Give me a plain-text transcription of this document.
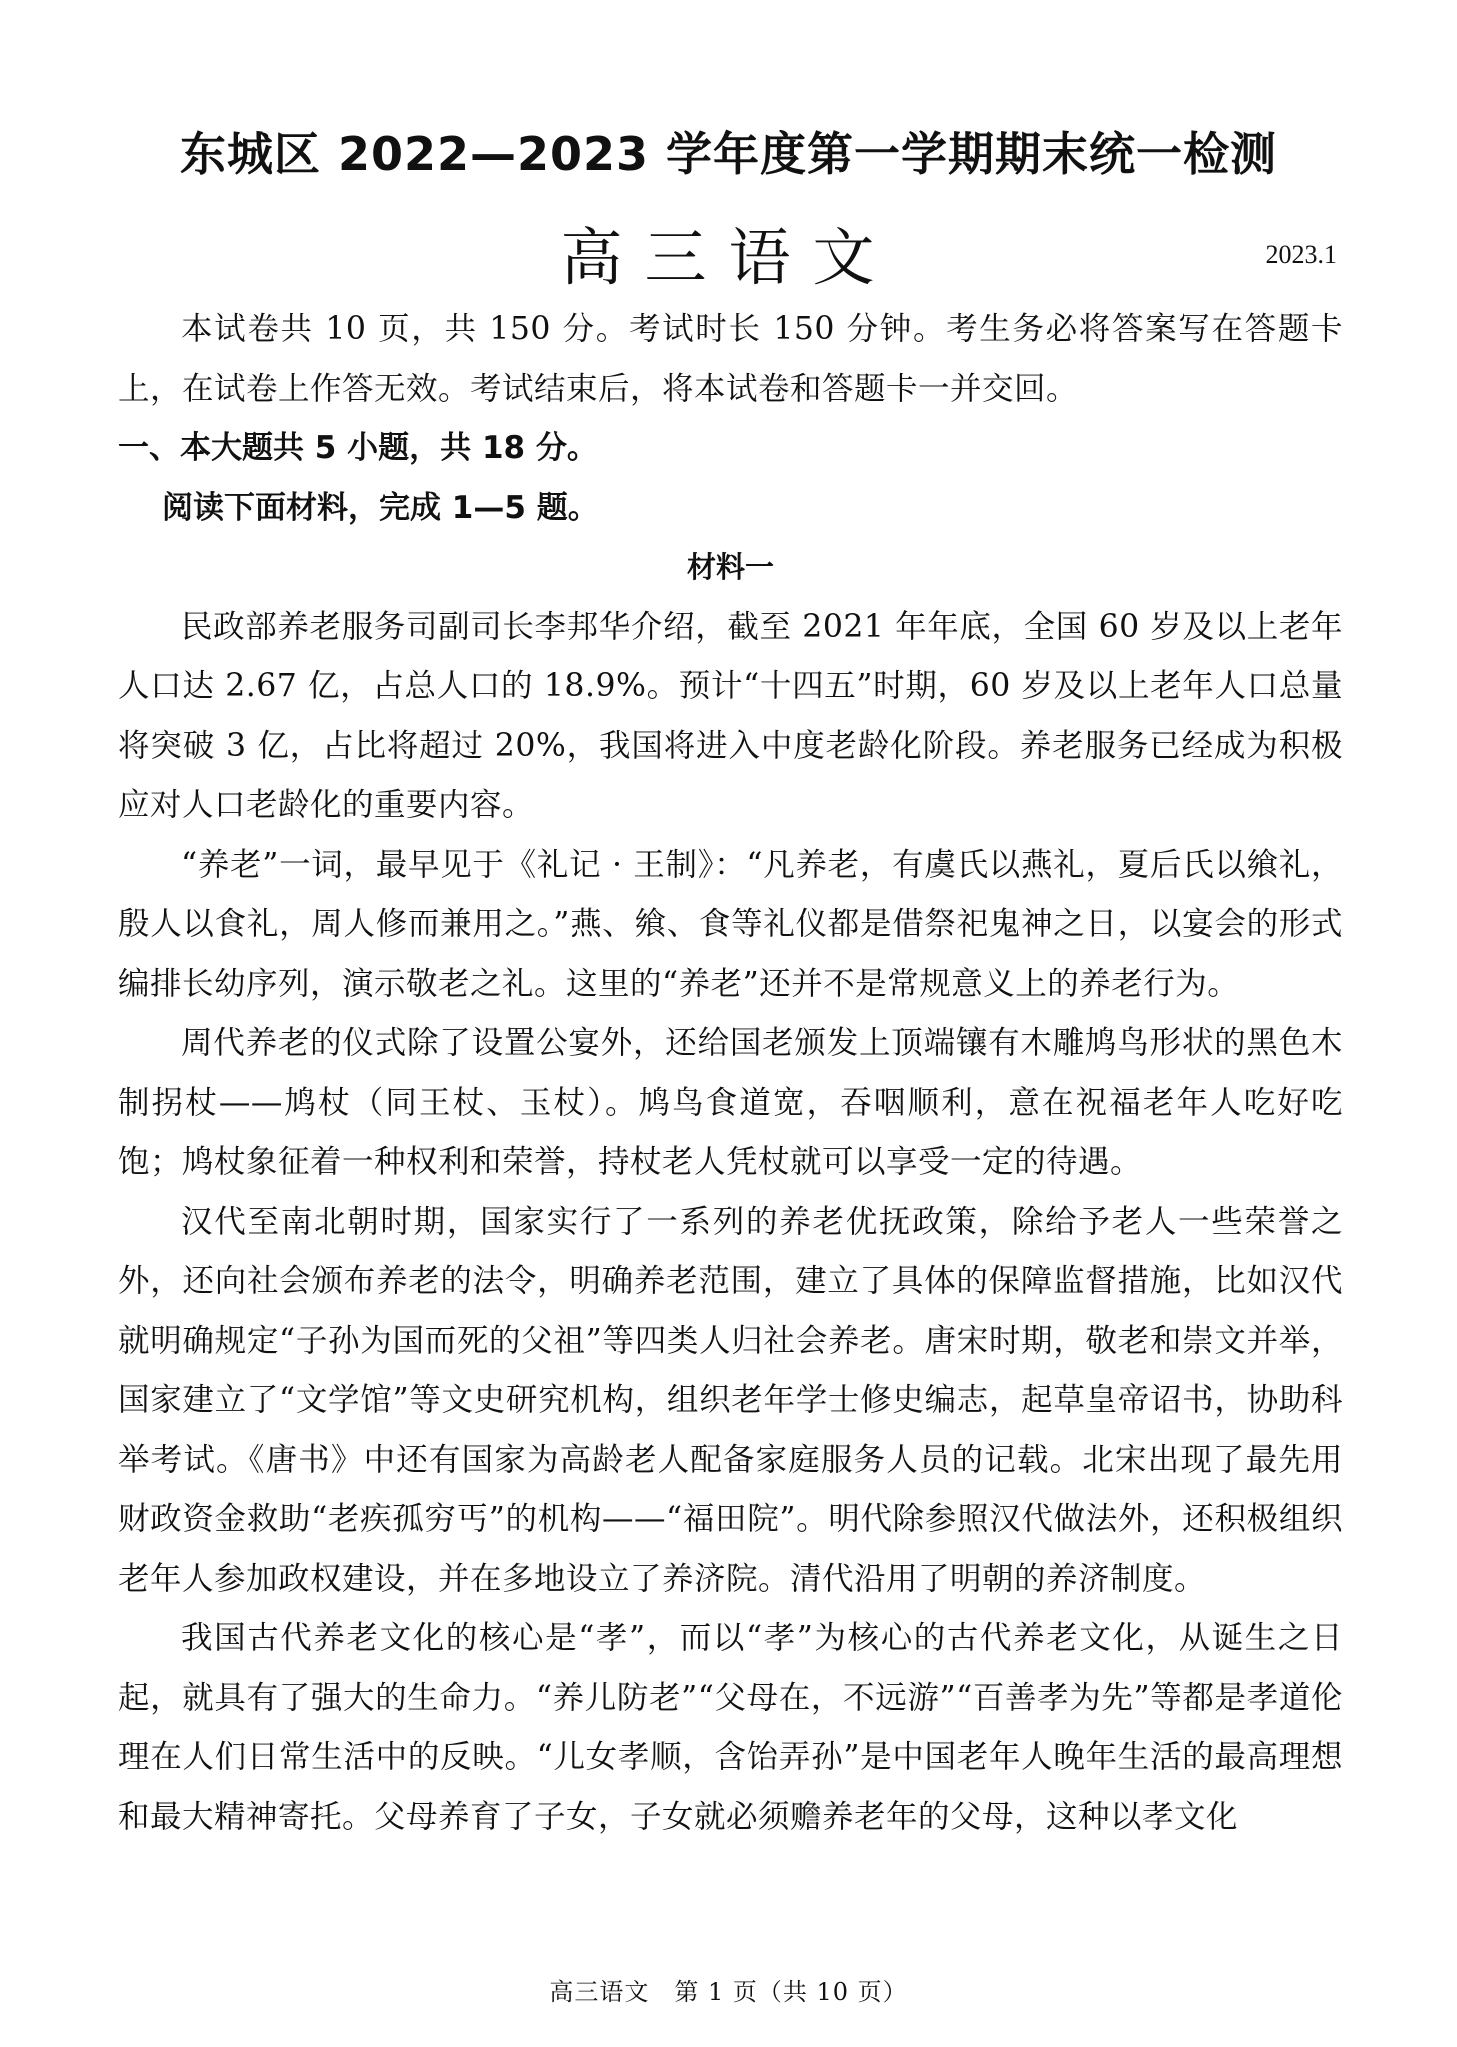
东城区 2022—2023 学年度第一学期期末统一检测
高三语文	2023.1

本试卷共 10 页，共 150 分。考试时长 150 分钟。考生务必将答案写在答题卡上，在试卷上作答无效。考试结束后，将本试卷和答题卡一并交回。

一、本大题共 5 小题，共 18 分。

阅读下面材料，完成 1—5 题。

材料一

民政部养老服务司副司长李邦华介绍，截至 2021 年年底，全国 60 岁及以上老年人口达 2.67 亿，占总人口的 18.9%。预计“十四五”时期，60 岁及以上老年人口总量将突破 3 亿，占比将超过 20%，我国将进入中度老龄化阶段。养老服务已经成为积极应对人口老龄化的重要内容。

“养老”一词，最早见于《礼记 · 王制》：“凡养老，有虞氏以燕礼，夏后氏以飨礼，殷人以食礼，周人修而兼用之。”燕、飨、食等礼仪都是借祭祀鬼神之日，以宴会的形式编排长幼序列，演示敬老之礼。这里的“养老”还并不是常规意义上的养老行为。

周代养老的仪式除了设置公宴外，还给国老颁发上顶端镶有木雕鸠鸟形状的黑色木制拐杖——鸠杖（同王杖、玉杖）。鸠鸟食道宽，吞咽顺利，意在祝福老年人吃好吃饱；鸠杖象征着一种权利和荣誉，持杖老人凭杖就可以享受一定的待遇。

汉代至南北朝时期，国家实行了一系列的养老优抚政策，除给予老人一些荣誉之外，还向社会颁布养老的法令，明确养老范围，建立了具体的保障监督措施，比如汉代就明确规定“子孙为国而死的父祖”等四类人归社会养老。唐宋时期，敬老和崇文并举，国家建立了“文学馆”等文史研究机构，组织老年学士修史编志，起草皇帝诏书，协助科举考试。《唐书》中还有国家为高龄老人配备家庭服务人员的记载。北宋出现了最先用财政资金救助“老疾孤穷丐”的机构——“福田院”。明代除参照汉代做法外，还积极组织老年人参加政权建设，并在多地设立了养济院。清代沿用了明朝的养济制度。

我国古代养老文化的核心是“孝”，而以“孝”为核心的古代养老文化，从诞生之日起，就具有了强大的生命力。“养儿防老”“父母在，不远游”“百善孝为先”等都是孝道伦理在人们日常生活中的反映。“儿女孝顺，含饴弄孙”是中国老年人晚年生活的最高理想和最大精神寄托。父母养育了子女，子女就必须赡养老年的父母，这种以孝文化

高三语文　第 1 页（共 10 页）
